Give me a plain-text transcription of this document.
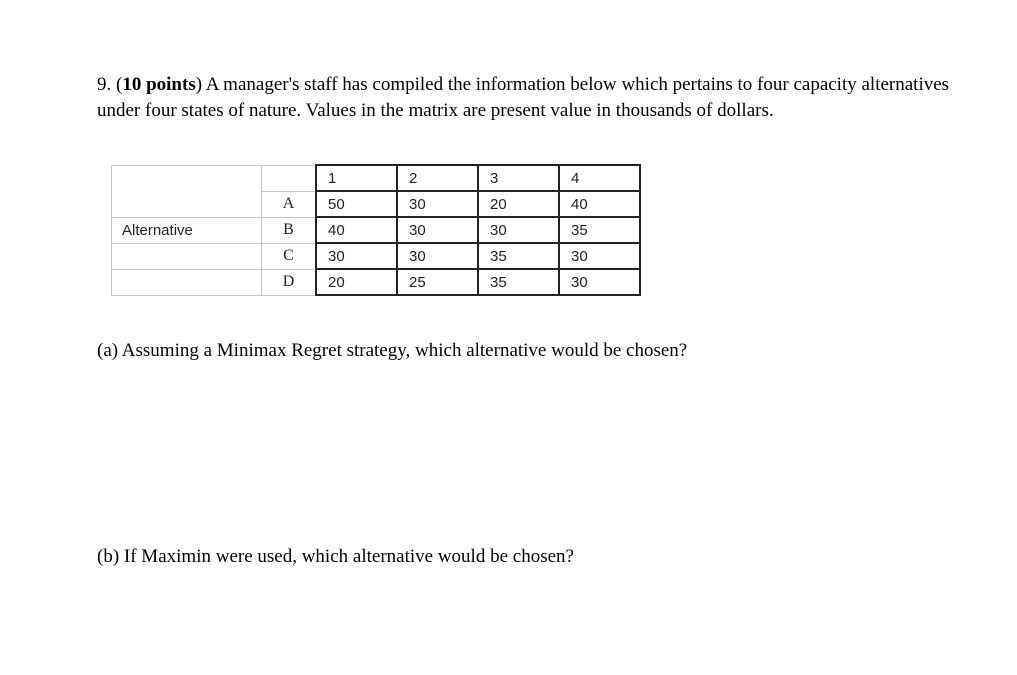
9. (10 points) A manager's staff has compiled the information below which pertains to four capacity alternatives under four states of nature. Values in the matrix are present value in thousands of dollars.
		1	2	3	4
	A	50	30	20	40
Alternative	B	40	30	30	35
	C	30	30	35	30
	D	20	25	35	30
(a) Assuming a Minimax Regret strategy, which alternative would be chosen?
(b) If Maximin were used, which alternative would be chosen?
